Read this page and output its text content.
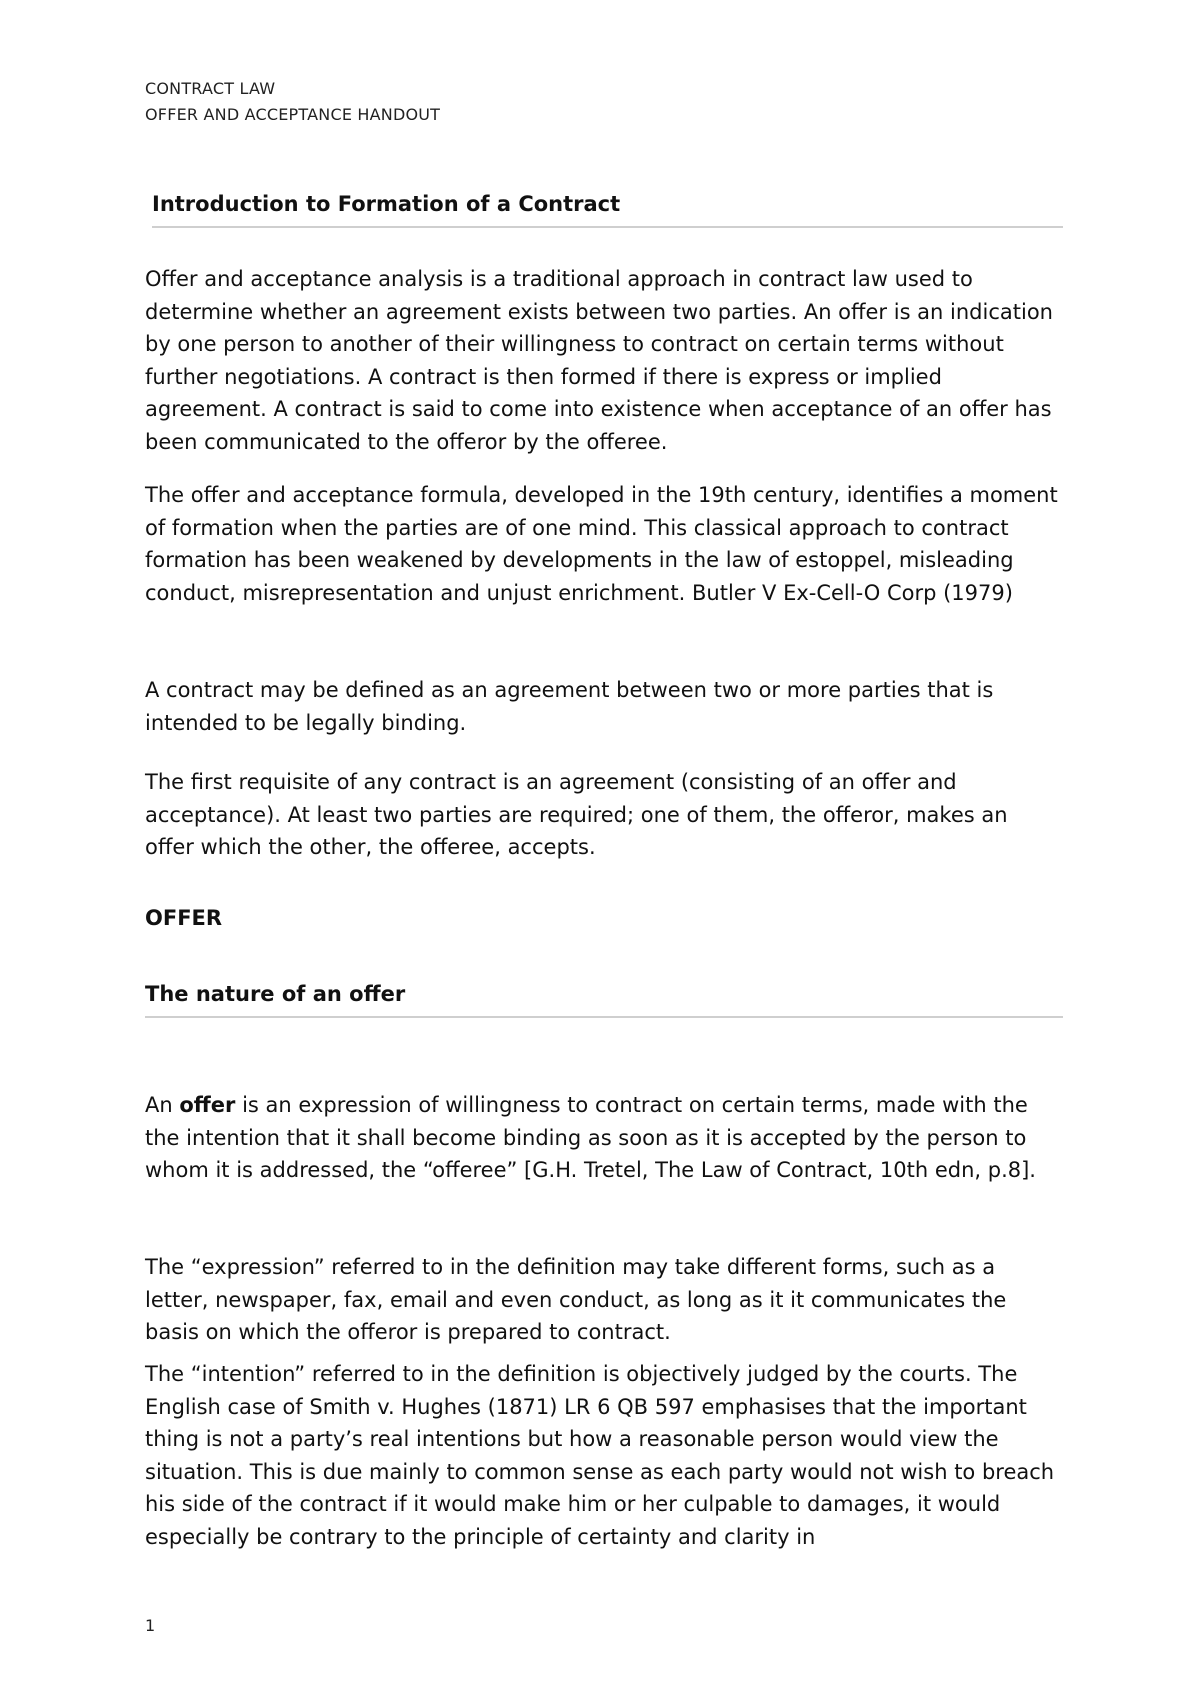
CONTRACT LAW
OFFER AND ACCEPTANCE HANDOUT
Introduction to Formation of a Contract

Offer and acceptance analysis is a traditional approach in contract law used to determine whether an agreement exists between two parties. An offer is an indication by one person to another of their willingness to contract on certain terms without further negotiations. A contract is then formed if there is express or implied agreement. A contract is said to come into existence when acceptance of an offer has been communicated to the offeror by the offeree.

The offer and acceptance formula, developed in the 19th century, identifies a moment of formation when the parties are of one mind. This classical approach to contract formation has been weakened by developments in the law of estoppel, misleading conduct, misrepresentation and unjust enrichment. Butler V Ex-Cell-O Corp (1979)

A contract may be defined as an agreement between two or more parties that is intended to be legally binding.

The first requisite of any contract is an agreement (consisting of an offer and acceptance). At least two parties are required; one of them, the offeror, makes an offer which the other, the offeree, accepts.

OFFER
The nature of an offer

An offer is an expression of willingness to contract on certain terms, made with the the intention that it shall become binding as soon as it is accepted by the person to whom it is addressed, the “offeree” [G.H. Tretel, The Law of Contract, 10th edn, p.8].

The “expression” referred to in the definition may take different forms, such as a letter, newspaper, fax, email and even conduct, as long as it it communicates the basis on which the offeror is prepared to contract.

The “intention” referred to in the definition is objectively judged by the courts. The English case of Smith v. Hughes (1871) LR 6 QB 597 emphasises that the important thing is not a party’s real intentions but how a reasonable person would view the situation. This is due mainly to common sense as each party would not wish to breach his side of the contract if it would make him or her culpable to damages, it would especially be contrary to the principle of certainty and clarity in

1
